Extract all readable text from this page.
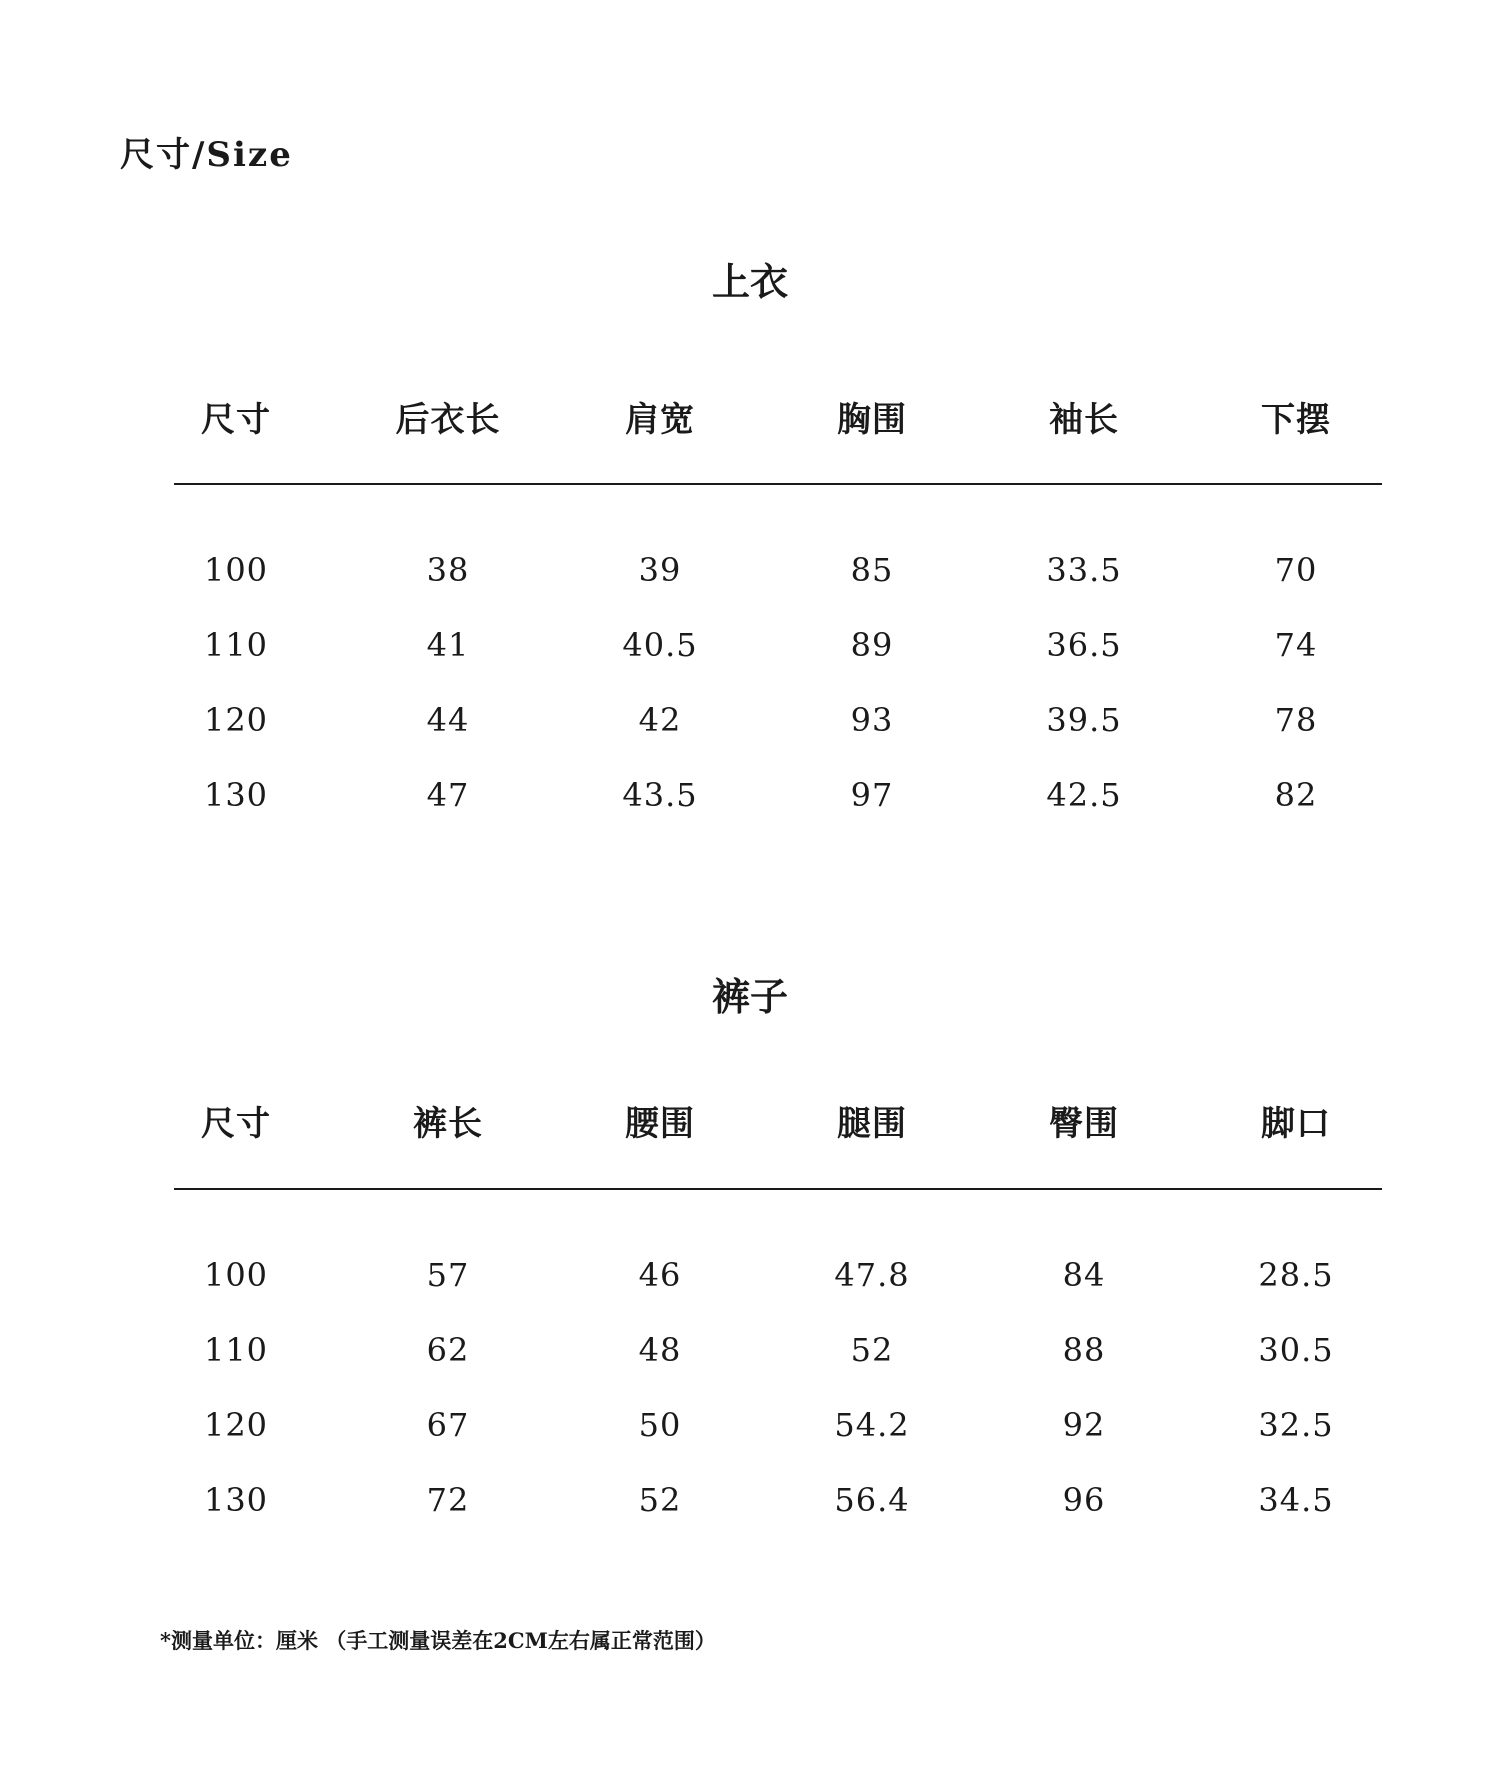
尺寸/Size
上衣
尺寸	后衣长	肩宽	胸围	袖长	下摆
100	38	39	85	33.5	70
110	41	40.5	89	36.5	74
120	44	42	93	39.5	78
130	47	43.5	97	42.5	82
裤子
尺寸	裤长	腰围	腿围	臀围	脚口
100	57	46	47.8	84	28.5
110	62	48	52	88	30.5
120	67	50	54.2	92	32.5
130	72	52	56.4	96	34.5
*测量单位：厘米 （手工测量误差在2CM左右属正常范围）
